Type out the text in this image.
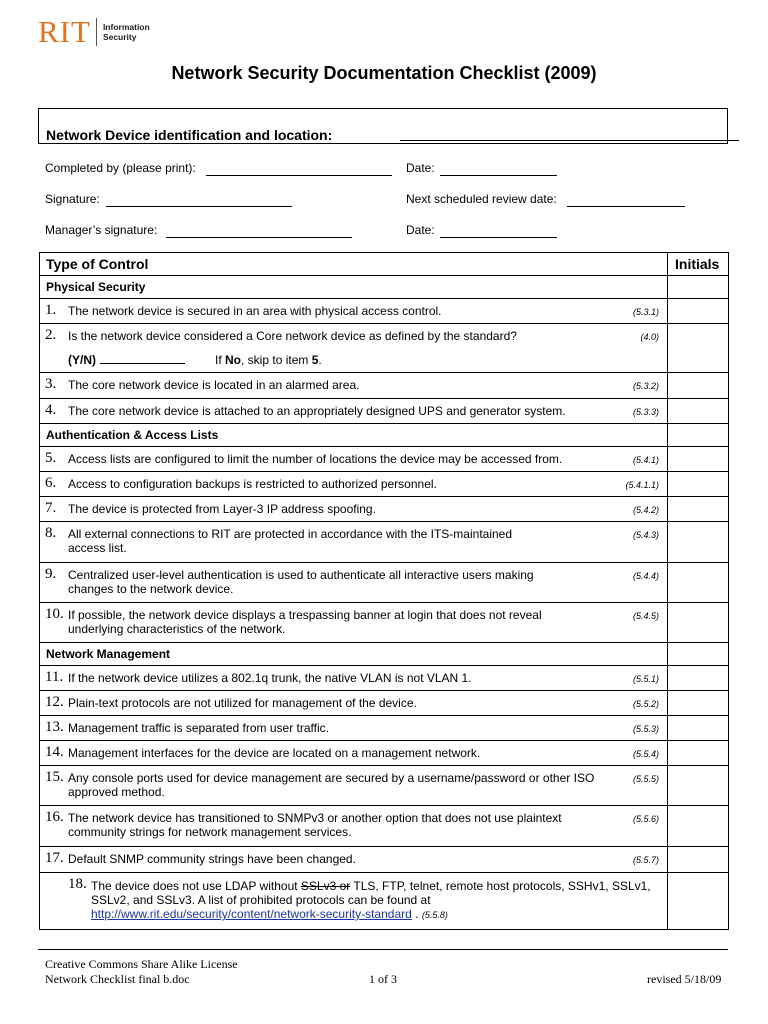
RIT Information
Security
Network Security Documentation Checklist (2009)
Network Device identification and location:
Completed by (please print):	Date:
Signature:	Next scheduled review date:
Manager’s signature:	Date:
Type of Control	Initials

Physical Security	

1. The network device is secured in an area with physical access control. (5.3.1)	

2. Is the network device considered a Core network device as defined by the standard? (4.0)
(Y/N) If No, skip to item 5.	

3. The core network device is located in an alarmed area. (5.3.2)	

4. The core network device is attached to an appropriately designed UPS and generator system. (5.3.3)	

Authentication & Access Lists	

5. Access lists are configured to limit the number of locations the device may be accessed from. (5.4.1)	

6. Access to configuration backups is restricted to authorized personnel. (5.4.1.1)	

7. The device is protected from Layer-3 IP address spoofing. (5.4.2)	

8. All external connections to RIT are protected in accordance with the ITS-maintained access list.
(5.4.3)	

9. Centralized user-level authentication is used to authenticate all interactive users making changes to the network device.
(5.4.4)	

10. If possible, the network device displays a trespassing banner at login that does not reveal underlying characteristics of the network.
(5.4.5)	

Network Management	

11. If the network device utilizes a 802.1q trunk, the native VLAN is not VLAN 1. (5.5.1)	

12. Plain-text protocols are not utilized for management of the device. (5.5.2)	

13. Management traffic is separated from user traffic. (5.5.3)	

14. Management interfaces for the device are located on a management network. (5.5.4)	

15. Any console ports used for device management are secured by a username/password or other ISO approved method.
(5.5.5)	

16. The network device has transitioned to SNMPv3 or another option that does not use plaintext community strings for network management services.
(5.5.6)	

17. Default SNMP community strings have been changed. (5.5.7)	

18. The device does not use LDAP without SSLv3 or TLS, FTP, telnet, remote host protocols, SSHv1, SSLv1, SSLv2, and SSLv3. A list of prohibited protocols can be found at http://www.rit.edu/security/content/network-security-standard . (5.5.8)	

Creative Commons Share Alike License
Network Checklist final b.doc	1 of 3	revised 5/18/09
